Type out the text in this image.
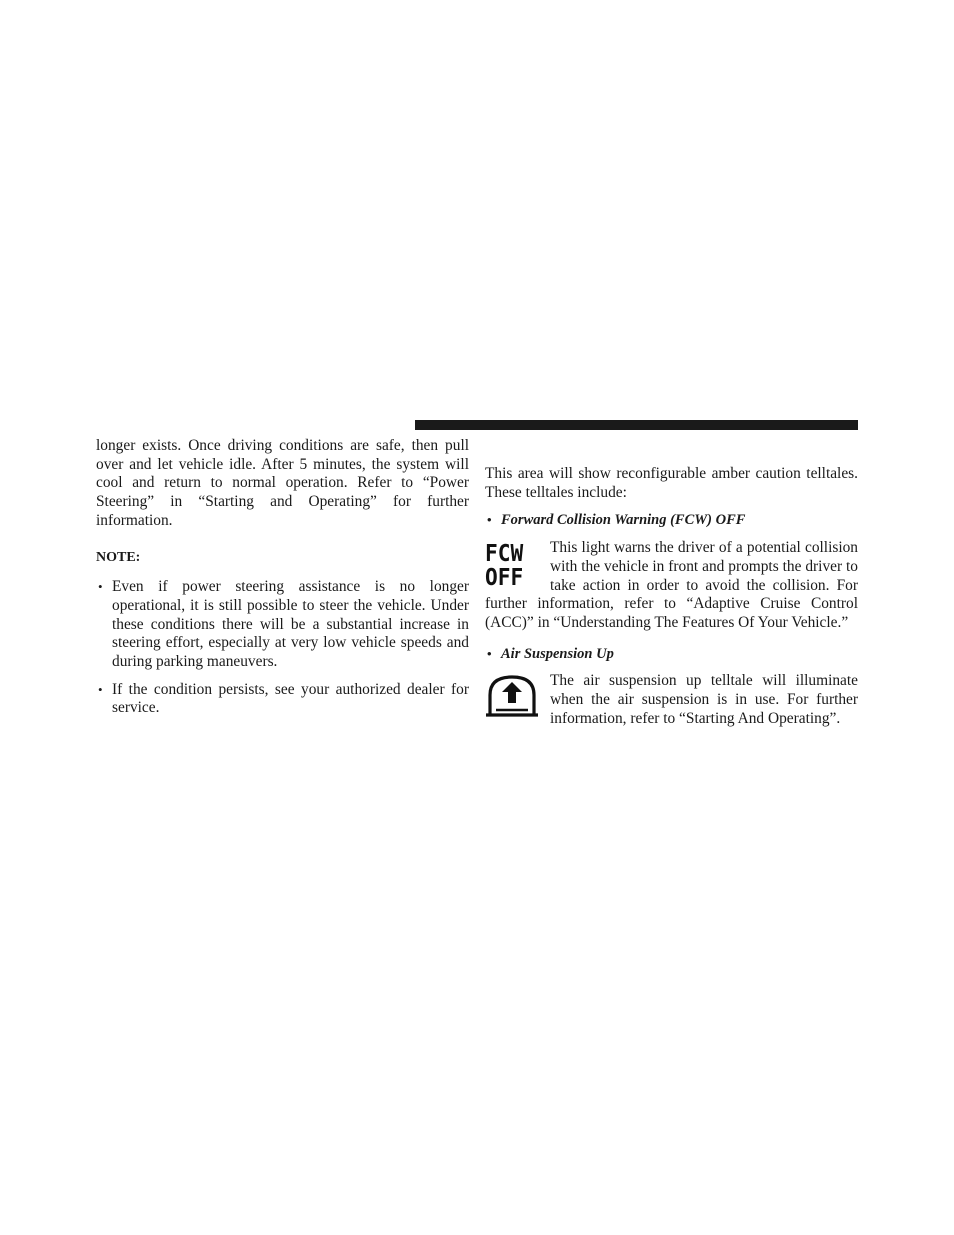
longer exists. Once driving conditions are safe, then pull over and let vehicle idle. After 5 minutes, the system will cool and return to normal operation. Refer to “Power Steering” in “Starting and Operating” for further information.

NOTE:

• Even if power steering assistance is no longer operational, it is still possible to steer the vehicle. Under these conditions there will be a substantial increase in steering effort, especially at very low vehicle speeds and during parking maneuvers.
• If the condition persists, see your authorized dealer for service.

This area will show reconfigurable amber caution telltales. These telltales include:

• Forward Collision Warning (FCW) OFF
FCW
OFF

This light warns the driver of a potential collision with the vehicle in front and prompts the driver to take action in order to avoid the collision. For further information, refer to “Adaptive Cruise Control (ACC)” in “Understanding The Features Of Your Vehicle.”

• Air Suspension Up

The air suspension up telltale will illuminate when the air suspension is in use. For further information, refer to “Starting And Operating”.
